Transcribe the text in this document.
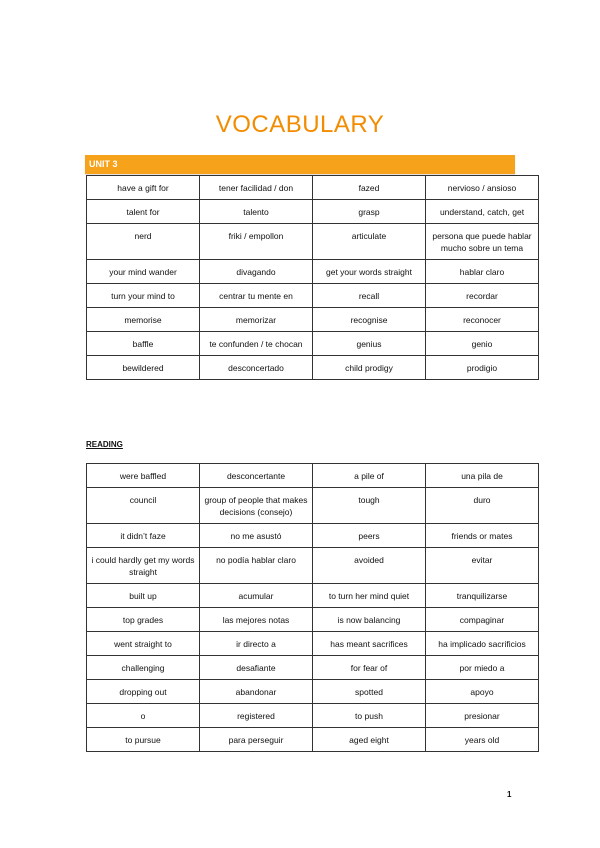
VOCABULARY
UNIT 3
have a gift for	tener facilidad / don	fazed	nervioso / ansioso
talent for	talento	grasp	understand, catch, get
nerd	friki / empollon	articulate	persona que puede hablar mucho sobre un tema
your mind wander	divagando	get your words straight	hablar claro
turn your mind to	centrar tu mente en	recall	recordar
memorise	memorizar	recognise	reconocer
baffle	te confunden / te chocan	genius	genio
bewildered	desconcertado	child prodigy	prodigio
READING
were baffled	desconcertante	a pile of	una pila de
council	group of people that makes decisions (consejo)	tough	duro
it didn’t faze	no me asustó	peers	friends or mates
i could hardly get my words straight	no podía hablar claro	avoided	evitar
built up	acumular	to turn her mind quiet	tranquilizarse
top grades	las mejores notas	is now balancing	compaginar
went straight to	ir directo a	has meant sacrifices	ha implicado sacrificios
challenging	desafiante	for fear of	por miedo a
dropping out	abandonar	spotted	apoyo
o	registered	to push	presionar
to pursue	para perseguir	aged eight	years old
1
